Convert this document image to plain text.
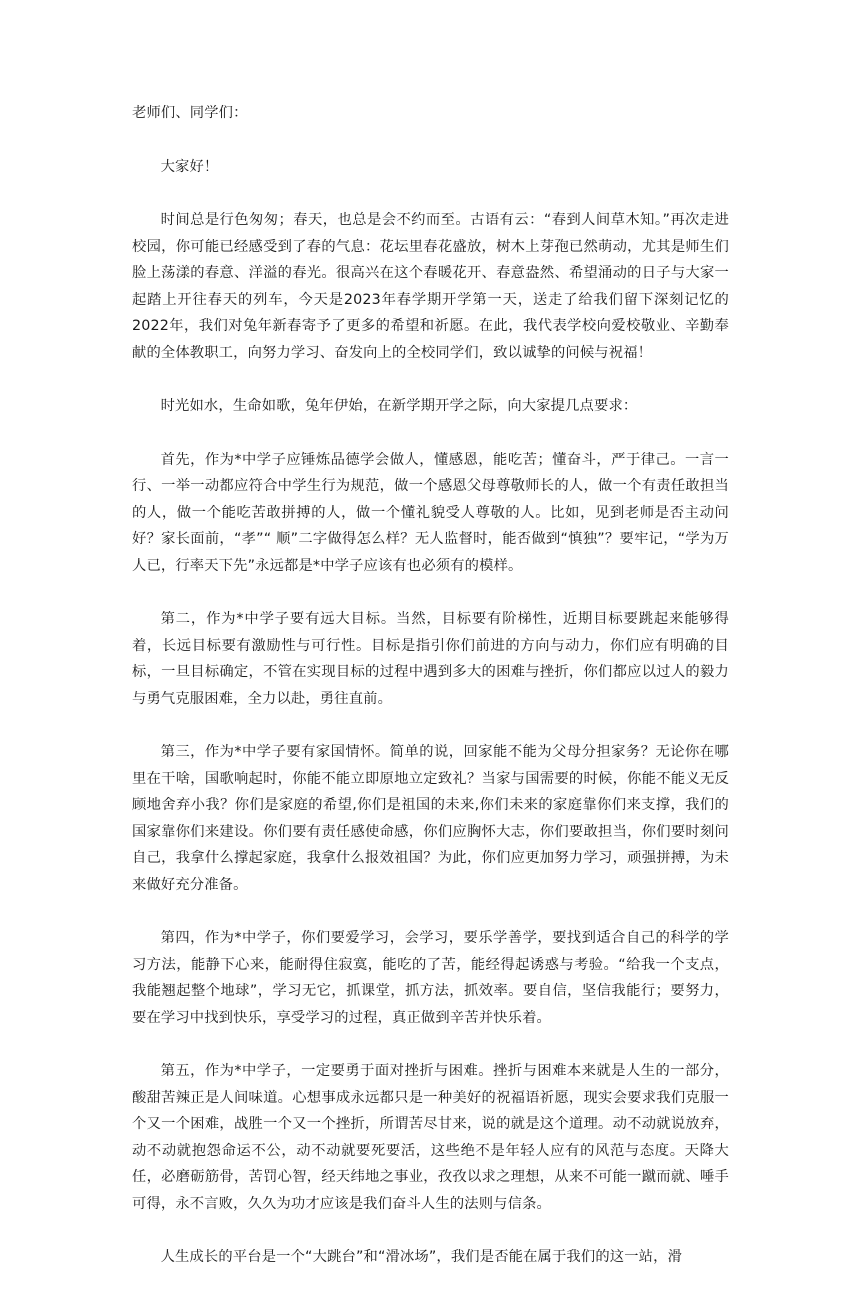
老师们、同学们：

大家好！

时间总是行色匆匆；春天，也总是会不约而至。古语有云：“春到人间草木知。”再次走进校园，你可能已经感受到了春的气息：花坛里春花盛放，树木上芽孢已然萌动，尤其是师生们脸上荡漾的春意、洋溢的春光。很高兴在这个春暖花开、春意盎然、希望涌动的日子与大家一起踏上开往春天的列车，今天是2023年春学期开学第一天，送走了给我们留下深刻记忆的2022年，我们对兔年新春寄予了更多的希望和祈愿。在此，我代表学校向爱校敬业、辛勤奉献的全体教职工，向努力学习、奋发向上的全校同学们，致以诚挚的问候与祝福！

时光如水，生命如歌，兔年伊始，在新学期开学之际，向大家提几点要求：

首先，作为*中学子应锤炼品德学会做人，懂感恩，能吃苦；懂奋斗，严于律己。一言一行、一举一动都应符合中学生行为规范，做一个感恩父母尊敬师长的人，做一个有责任敢担当的人，做一个能吃苦敢拼搏的人，做一个懂礼貌受人尊敬的人。比如，见到老师是否主动问好？家长面前，“孝”“ 顺”二字做得怎么样？无人监督时，能否做到“慎独”？要牢记，“学为万人已，行率天下先”永远都是*中学子应该有也必须有的模样。

第二，作为*中学子要有远大目标。当然，目标要有阶梯性，近期目标要跳起来能够得着，长远目标要有激励性与可行性。目标是指引你们前进的方向与动力，你们应有明确的目标，一旦目标确定，不管在实现目标的过程中遇到多大的困难与挫折，你们都应以过人的毅力与勇气克服困难，全力以赴，勇往直前。

第三，作为*中学子要有家国情怀。简单的说，回家能不能为父母分担家务？无论你在哪里在干啥，国歌响起时，你能不能立即原地立定致礼？当家与国需要的时候，你能不能义无反顾地舍弃小我？你们是家庭的希望,你们是祖国的未来,你们未来的家庭靠你们来支撑，我们的国家靠你们来建设。你们要有责任感使命感，你们应胸怀大志，你们要敢担当，你们要时刻问自己，我拿什么撑起家庭，我拿什么报效祖国？为此，你们应更加努力学习，顽强拼搏，为未来做好充分准备。

第四，作为*中学子，你们要爱学习，会学习，要乐学善学，要找到适合自己的科学的学习方法，能静下心来，能耐得住寂寞，能吃的了苦，能经得起诱惑与考验。“给我一个支点，我能翘起整个地球”，学习无它，抓课堂，抓方法，抓效率。要自信，坚信我能行；要努力，要在学习中找到快乐，享受学习的过程，真正做到辛苦并快乐着。

第五，作为*中学子，一定要勇于面对挫折与困难。挫折与困难本来就是人生的一部分，酸甜苦辣正是人间味道。心想事成永远都只是一种美好的祝福语祈愿，现实会要求我们克服一个又一个困难，战胜一个又一个挫折，所谓苦尽甘来，说的就是这个道理。动不动就说放弃，动不动就抱怨命运不公，动不动就要死要活，这些绝不是年轻人应有的风范与态度。天降大任，必磨砺筋骨，苦罚心智，经天纬地之事业，孜孜以求之理想，从来不可能一蹴而就、唾手可得，永不言败，久久为功才应该是我们奋斗人生的法则与信条。

人生成长的平台是一个“大跳台”和“滑冰场”，我们是否能在属于我们的这一站，滑
